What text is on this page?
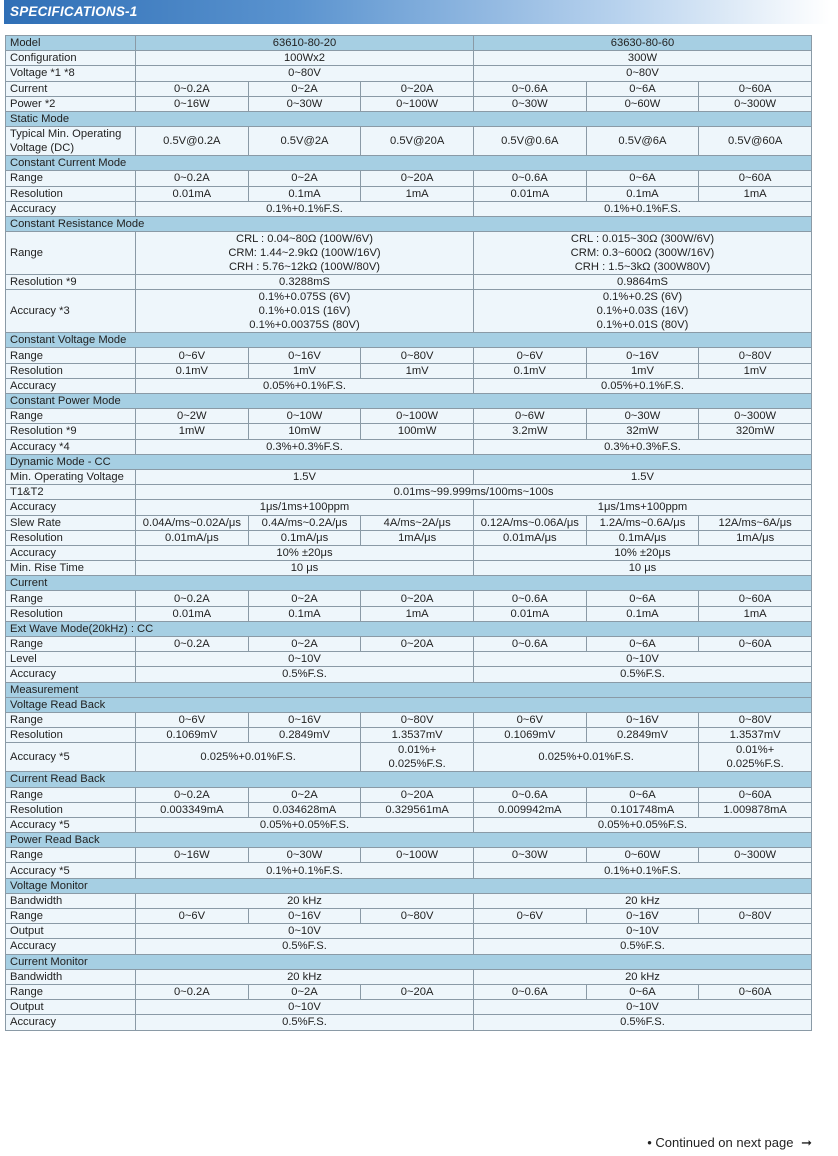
SPECIFICATIONS-1
Model	63610-80-20			63630-80-60		
Configuration	100Wx2			300W		
Voltage *1 *8	0~80V			0~80V		
Current	0~0.2A	0~2A	0~20A	0~0.6A	0~6A	0~60A
Power *2	0~16W	0~30W	0~100W	0~30W	0~60W	0~300W
Static Mode						
Typical Min. Operating Voltage (DC)	0.5V@0.2A	0.5V@2A	0.5V@20A	0.5V@0.6A	0.5V@6A	0.5V@60A
Constant Current Mode						
Range	0~0.2A	0~2A	0~20A	0~0.6A	0~6A	0~60A
Resolution	0.01mA	0.1mA	1mA	0.01mA	0.1mA	1mA
Accuracy	0.1%+0.1%F.S.			0.1%+0.1%F.S.		
Constant Resistance Mode						
Range	CRL : 0.04~80Ω (100W/6V)
CRM: 1.44~2.9kΩ (100W/16V)
CRH : 5.76~12kΩ (100W/80V)			CRL : 0.015~30Ω (300W/6V)
CRM: 0.3~600Ω (300W/16V)
CRH : 1.5~3kΩ (300W80V)		
Resolution *9	0.3288mS			0.9864mS		
Accuracy *3	0.1%+0.075S (6V)
0.1%+0.01S (16V)
0.1%+0.00375S (80V)			0.1%+0.2S (6V)
0.1%+0.03S (16V)
0.1%+0.01S (80V)		
Constant Voltage Mode						
Range	0~6V	0~16V	0~80V	0~6V	0~16V	0~80V
Resolution	0.1mV	1mV	1mV	0.1mV	1mV	1mV
Accuracy	0.05%+0.1%F.S.			0.05%+0.1%F.S.		
Constant Power Mode						
Range	0~2W	0~10W	0~100W	0~6W	0~30W	0~300W
Resolution *9	1mW	10mW	100mW	3.2mW	32mW	320mW
Accuracy *4	0.3%+0.3%F.S.			0.3%+0.3%F.S.		
Dynamic Mode - CC						
Min. Operating Voltage	1.5V			1.5V		
T1&T2	0.01ms~99.999ms/100ms~100s					
Accuracy	1μs/1ms+100ppm			1μs/1ms+100ppm		
Slew Rate	0.04A/ms~0.02A/μs	0.4A/ms~0.2A/μs	4A/ms~2A/μs	0.12A/ms~0.06A/μs	1.2A/ms~0.6A/μs	12A/ms~6A/μs
Resolution	0.01mA/μs	0.1mA/μs	1mA/μs	0.01mA/μs	0.1mA/μs	1mA/μs
Accuracy	10% ±20μs			10% ±20μs		
Min. Rise Time	10 μs			10 μs		
Current						
Range	0~0.2A	0~2A	0~20A	0~0.6A	0~6A	0~60A
Resolution	0.01mA	0.1mA	1mA	0.01mA	0.1mA	1mA
Ext Wave Mode(20kHz) : CC						
Range	0~0.2A	0~2A	0~20A	0~0.6A	0~6A	0~60A
Level	0~10V			0~10V		
Accuracy	0.5%F.S.			0.5%F.S.		
Measurement						
Voltage Read Back						
Range	0~6V	0~16V	0~80V	0~6V	0~16V	0~80V
Resolution	0.1069mV	0.2849mV	1.3537mV	0.1069mV	0.2849mV	1.3537mV
Accuracy *5	0.025%+0.01%F.S.		0.01%+
0.025%F.S.	0.025%+0.01%F.S.		0.01%+
0.025%F.S.
Current Read Back						
Range	0~0.2A	0~2A	0~20A	0~0.6A	0~6A	0~60A
Resolution	0.003349mA	0.034628mA	0.329561mA	0.009942mA	0.101748mA	1.009878mA
Accuracy *5	0.05%+0.05%F.S.			0.05%+0.05%F.S.		
Power Read Back						
Range	0~16W	0~30W	0~100W	0~30W	0~60W	0~300W
Accuracy *5	0.1%+0.1%F.S.			0.1%+0.1%F.S.		
Voltage Monitor						
Bandwidth	20 kHz			20 kHz		
Range	0~6V	0~16V	0~80V	0~6V	0~16V	0~80V
Output	0~10V			0~10V		
Accuracy	0.5%F.S.			0.5%F.S.		
Current Monitor						
Bandwidth	20 kHz			20 kHz		
Range	0~0.2A	0~2A	0~20A	0~0.6A	0~6A	0~60A
Output	0~10V			0~10V		
Accuracy	0.5%F.S.			0.5%F.S.		
• Continued on next page ➞
